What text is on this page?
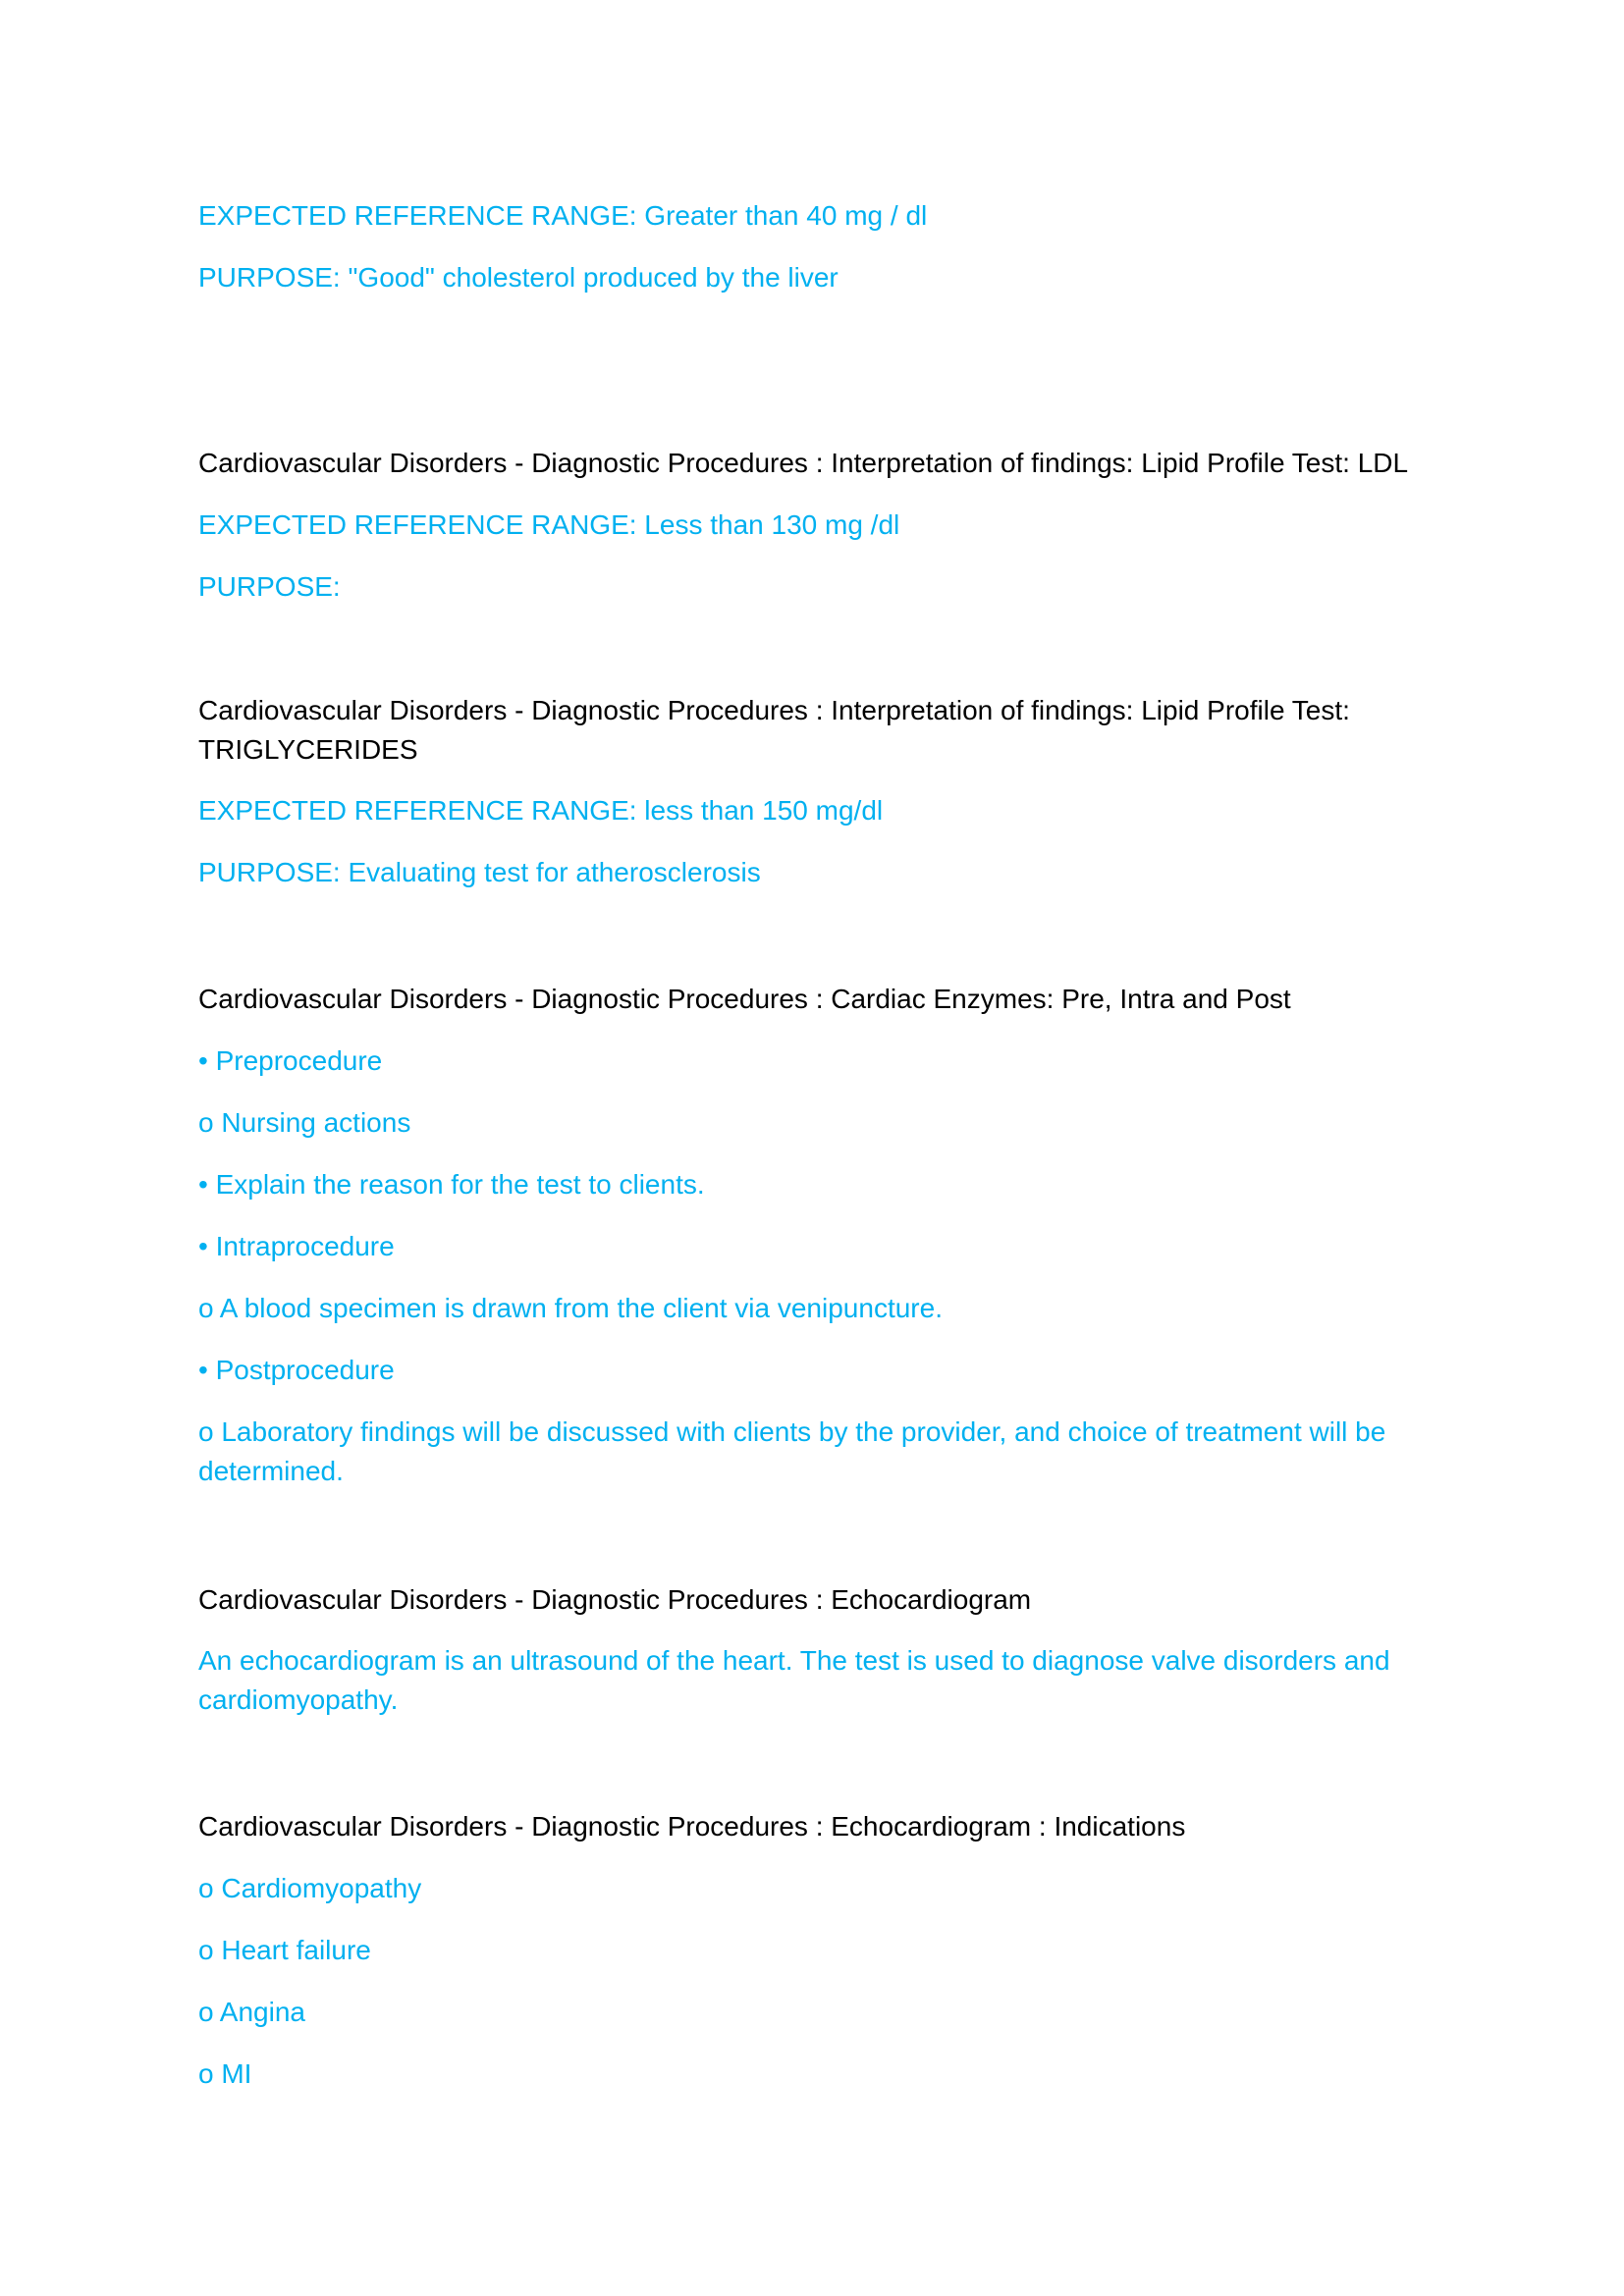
EXPECTED REFERENCE RANGE: Greater than 40 mg / dl
PURPOSE: "Good" cholesterol produced by the liver
Cardiovascular Disorders - Diagnostic Procedures : Interpretation of findings: Lipid Profile Test: LDL
EXPECTED REFERENCE RANGE: Less than 130 mg /dl
PURPOSE:
Cardiovascular Disorders - Diagnostic Procedures : Interpretation of findings: Lipid Profile Test: TRIGLYCERIDES
EXPECTED REFERENCE RANGE: less than 150 mg/dl
PURPOSE: Evaluating test for atherosclerosis
Cardiovascular Disorders - Diagnostic Procedures : Cardiac Enzymes: Pre, Intra and Post
• Preprocedure
o Nursing actions
• Explain the reason for the test to clients.
• Intraprocedure
o A blood specimen is drawn from the client via venipuncture.
• Postprocedure
o Laboratory findings will be discussed with clients by the provider, and choice of treatment will be determined.
Cardiovascular Disorders - Diagnostic Procedures : Echocardiogram
An echocardiogram is an ultrasound of the heart. The test is used to diagnose valve disorders and cardiomyopathy.
Cardiovascular Disorders - Diagnostic Procedures : Echocardiogram : Indications
o Cardiomyopathy
o Heart failure
o Angina
o MI
